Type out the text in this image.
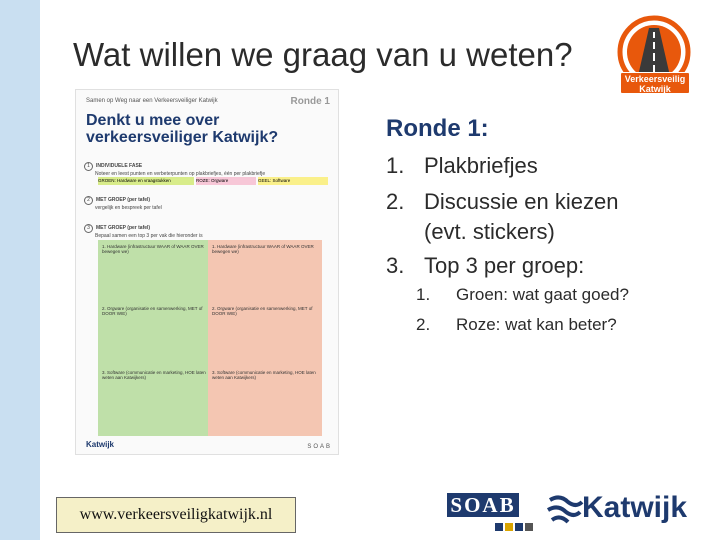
Wat willen we graag van u weten?
Verkeersveilig Katwijk
Samen op Weg naar een Verkeersveiliger Katwijk	Ronde 1
Denkt u mee over verkeersveiliger Katwijk?
1 INDIVIDUELE FASE
Noteer en leest punten en verbeterpunten op plakbriefjes, één per plakbriefje
GROEN: Hardware en vraagstukken	ROZE: Orgware	GEEL: Software
2 MET GROEP (per tafel)
vergelijk en bespreek per tafel
3 MET GROEP (per tafel)
Bepaal samen een top 3 per vak die hieronder is
1. Hardware (infrastructuur WAAR of WAAR OVER bewegen we)
2. Orgware (organisatie en samenwerking, MET of DOOR WIE)
3. Software (communicatie en marketing, HOE laten weten aan Katwijkers)
1. Hardware (infrastructuur WAAR of WAAR OVER bewegen we)
2. Orgware (organisatie en samenwerking, MET of DOOR WIE)
3. Software (communicatie en marketing, HOE laten weten aan Katwijkers)
Katwijk	SOAB
Ronde 1:
1. Plakbriefjes
2. Discussie en kiezen
(evt. stickers)
3. Top 3 per groep:
1. Groen: wat gaat goed?
2. Roze: wat kan beter?
www.verkeersveiligkatwijk.nl	SOAB Katwijk
